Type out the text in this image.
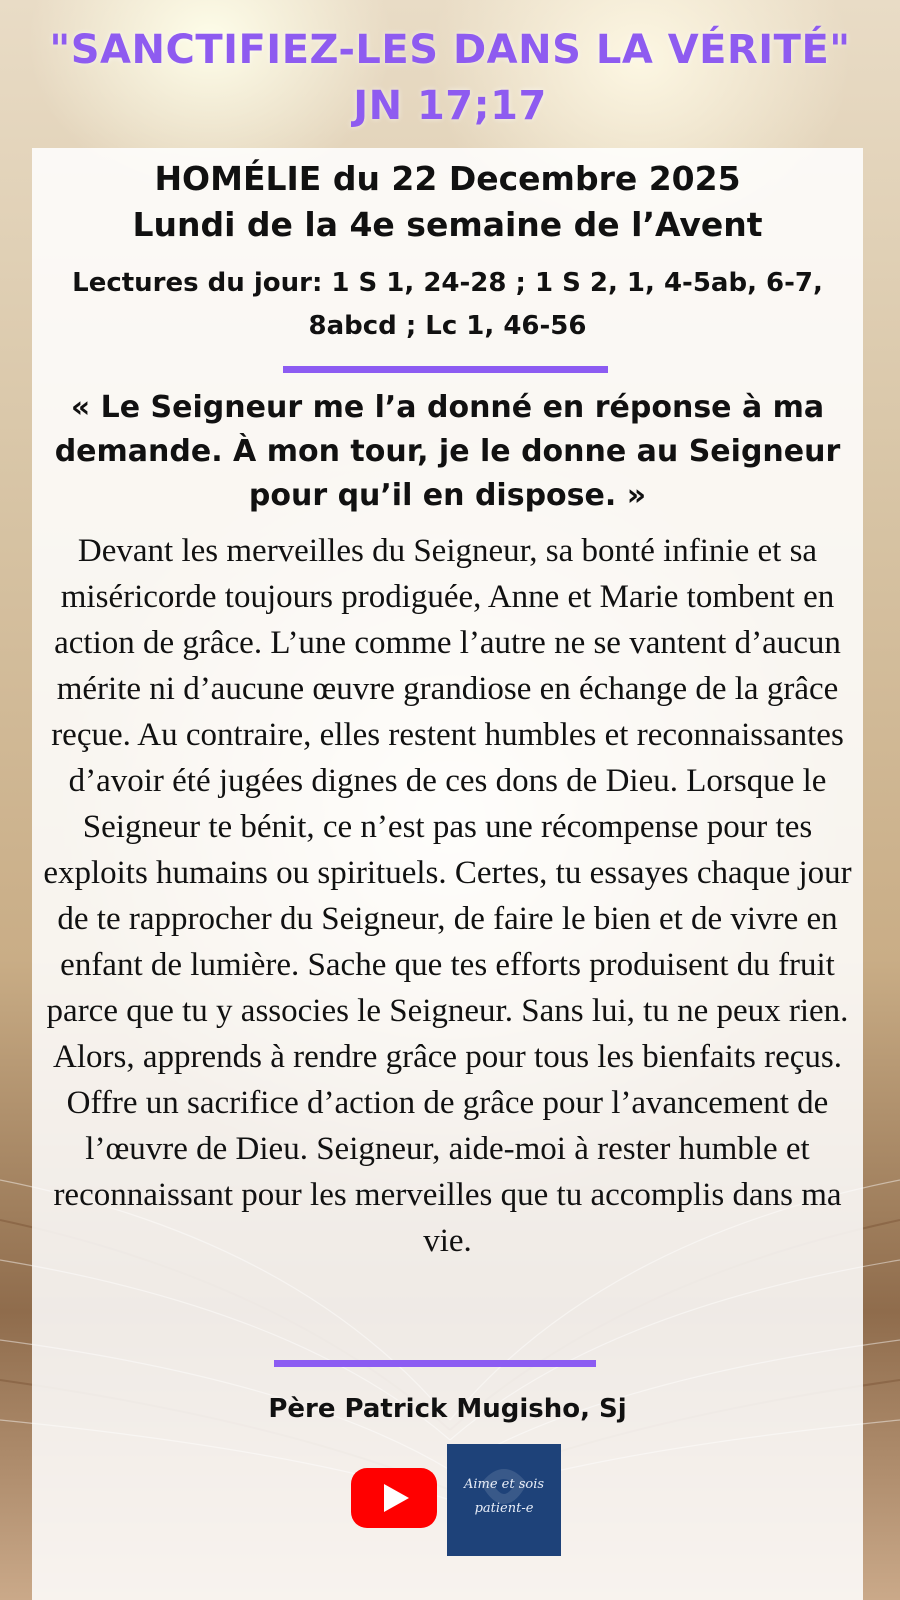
"SANCTIFIEZ-LES DANS LA VÉRITÉ"
JN 17;17
HOMÉLIE du 22 Decembre 2025
Lundi de la 4e semaine de l’Avent
Lectures du jour: 1 S 1, 24-28 ; 1 S 2, 1, 4-5ab, 6-7, 8abcd ; Lc 1, 46-56
« Le Seigneur me l’a donné en réponse à ma demande. À mon tour, je le donne au Seigneur pour qu’il en dispose. »
Devant les merveilles du Seigneur, sa bonté infinie et sa miséricorde toujours prodiguée, Anne et Marie tombent en action de grâce. L’une comme l’autre ne se vantent d’aucun mérite ni d’aucune œuvre grandiose en échange de la grâce reçue. Au contraire, elles restent humbles et reconnaissantes d’avoir été jugées dignes de ces dons de Dieu. Lorsque le Seigneur te bénit, ce n’est pas une récompense pour tes exploits humains ou spirituels. Certes, tu essayes chaque jour de te rapprocher du Seigneur, de faire le bien et de vivre en enfant de lumière. Sache que tes efforts produisent du fruit parce que tu y associes le Seigneur. Sans lui, tu ne peux rien. Alors, apprends à rendre grâce pour tous les bienfaits reçus. Offre un sacrifice d’action de grâce pour l’avancement de l’œuvre de Dieu. Seigneur, aide-moi à rester humble et reconnaissant pour les merveilles que tu accomplis dans ma vie.
Père Patrick Mugisho, Sj
Aime et sois
patient-e
